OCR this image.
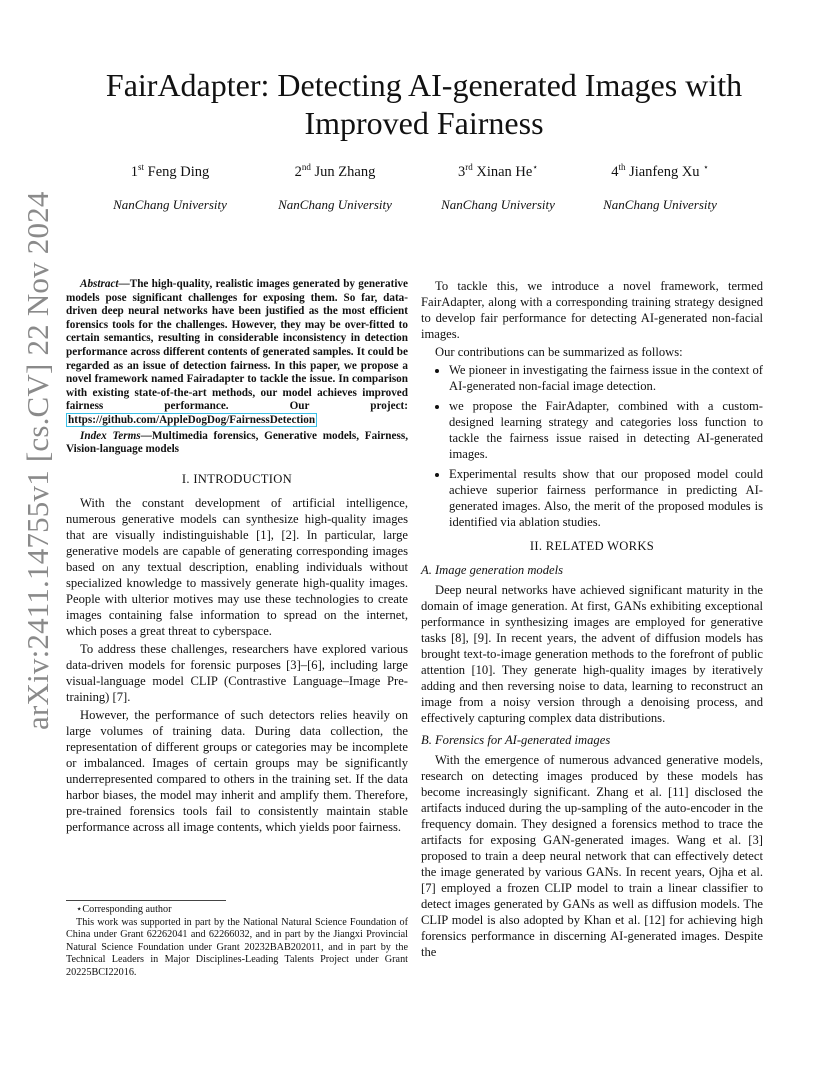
arXiv:2411.14755v1 [cs.CV] 22 Nov 2024
FairAdapter: Detecting AI-generated Images with Improved Fairness
1st Feng Ding
NanChang University
2nd Jun Zhang
NanChang University
3rd Xinan He⋆
NanChang University
4th Jianfeng Xu ⋆
NanChang University

Abstract—The high-quality, realistic images generated by generative models pose significant challenges for exposing them. So far, data-driven deep neural networks have been justified as the most efficient forensics tools for the challenges. However, they may be over-fitted to certain semantics, resulting in considerable inconsistency in detection performance across different contents of generated samples. It could be regarded as an issue of detection fairness. In this paper, we propose a novel framework named Fairadapter to tackle the issue. In comparison with existing state-of-the-art methods, our model achieves improved fairness performance. Our project: https://github.com/AppleDogDog/FairnessDetection

Index Terms—Multimedia forensics, Generative models, Fairness, Vision-language models

I. INTRODUCTION

With the constant development of artificial intelligence, numerous generative models can synthesize high-quality images that are visually indistinguishable [1], [2]. In particular, large generative models are capable of generating corresponding images based on any textual description, enabling individuals without specialized knowledge to massively generate high-quality images. People with ulterior motives may use these technologies to create images containing false information to spread on the internet, which poses a great threat to cyberspace.

To address these challenges, researchers have explored various data-driven models for forensic purposes [3]–[6], including large visual-language model CLIP (Contrastive Language–Image Pre-training) [7].

However, the performance of such detectors relies heavily on large volumes of training data. During data collection, the representation of different groups or categories may be incomplete or imbalanced. Images of certain groups may be significantly underrepresented compared to others in the training set. If the data harbor biases, the model may inherit and amplify them. Therefore, pre-trained forensics tools fail to consistently maintain stable performance across all image contents, which yields poor fairness.

To tackle this, we introduce a novel framework, termed FairAdapter, along with a corresponding training strategy designed to develop fair performance for detecting AI-generated non-facial images.

Our contributions can be summarized as follows:

• We pioneer in investigating the fairness issue in the context of AI-generated non-facial image detection.
• we propose the FairAdapter, combined with a custom-designed learning strategy and categories loss function to tackle the fairness issue raised in detecting AI-generated images.
• Experimental results show that our proposed model could achieve superior fairness performance in predicting AI-generated images. Also, the merit of the proposed modules is identified via ablation studies.
II. RELATED WORKS
A. Image generation models

Deep neural networks have achieved significant maturity in the domain of image generation. At first, GANs exhibiting exceptional performance in synthesizing images are employed for generative tasks [8], [9]. In recent years, the advent of diffusion models has brought text-to-image generation methods to the forefront of public attention [10]. They generate high-quality images by iteratively adding and then reversing noise to data, learning to reconstruct an image from a noisy version through a denoising process, and effectively capturing complex data distributions.

B. Forensics for AI-generated images

With the emergence of numerous advanced generative models, research on detecting images produced by these models has become increasingly significant. Zhang et al. [11] disclosed the artifacts induced during the up-sampling of the auto-encoder in the frequency domain. They designed a forensics method to trace the artifacts for exposing GAN-generated images. Wang et al. [3] proposed to train a deep neural network that can effectively detect the image generated by various GANs. In recent years, Ojha et al. [7] employed a frozen CLIP model to train a linear classifier to detect images generated by GANs as well as diffusion models. The CLIP model is also adopted by Khan et al. [12] for achieving high forensics performance in discerning AI-generated images. Despite the

⋆Corresponding author

This work was supported in part by the National Natural Science Foundation of China under Grant 62262041 and 62266032, and in part by the Jiangxi Provincial Natural Science Foundation under Grant 20232BAB202011, and in part by the Technical Leaders in Major Disciplines-Leading Talents Project under Grant 20225BCI22016.
